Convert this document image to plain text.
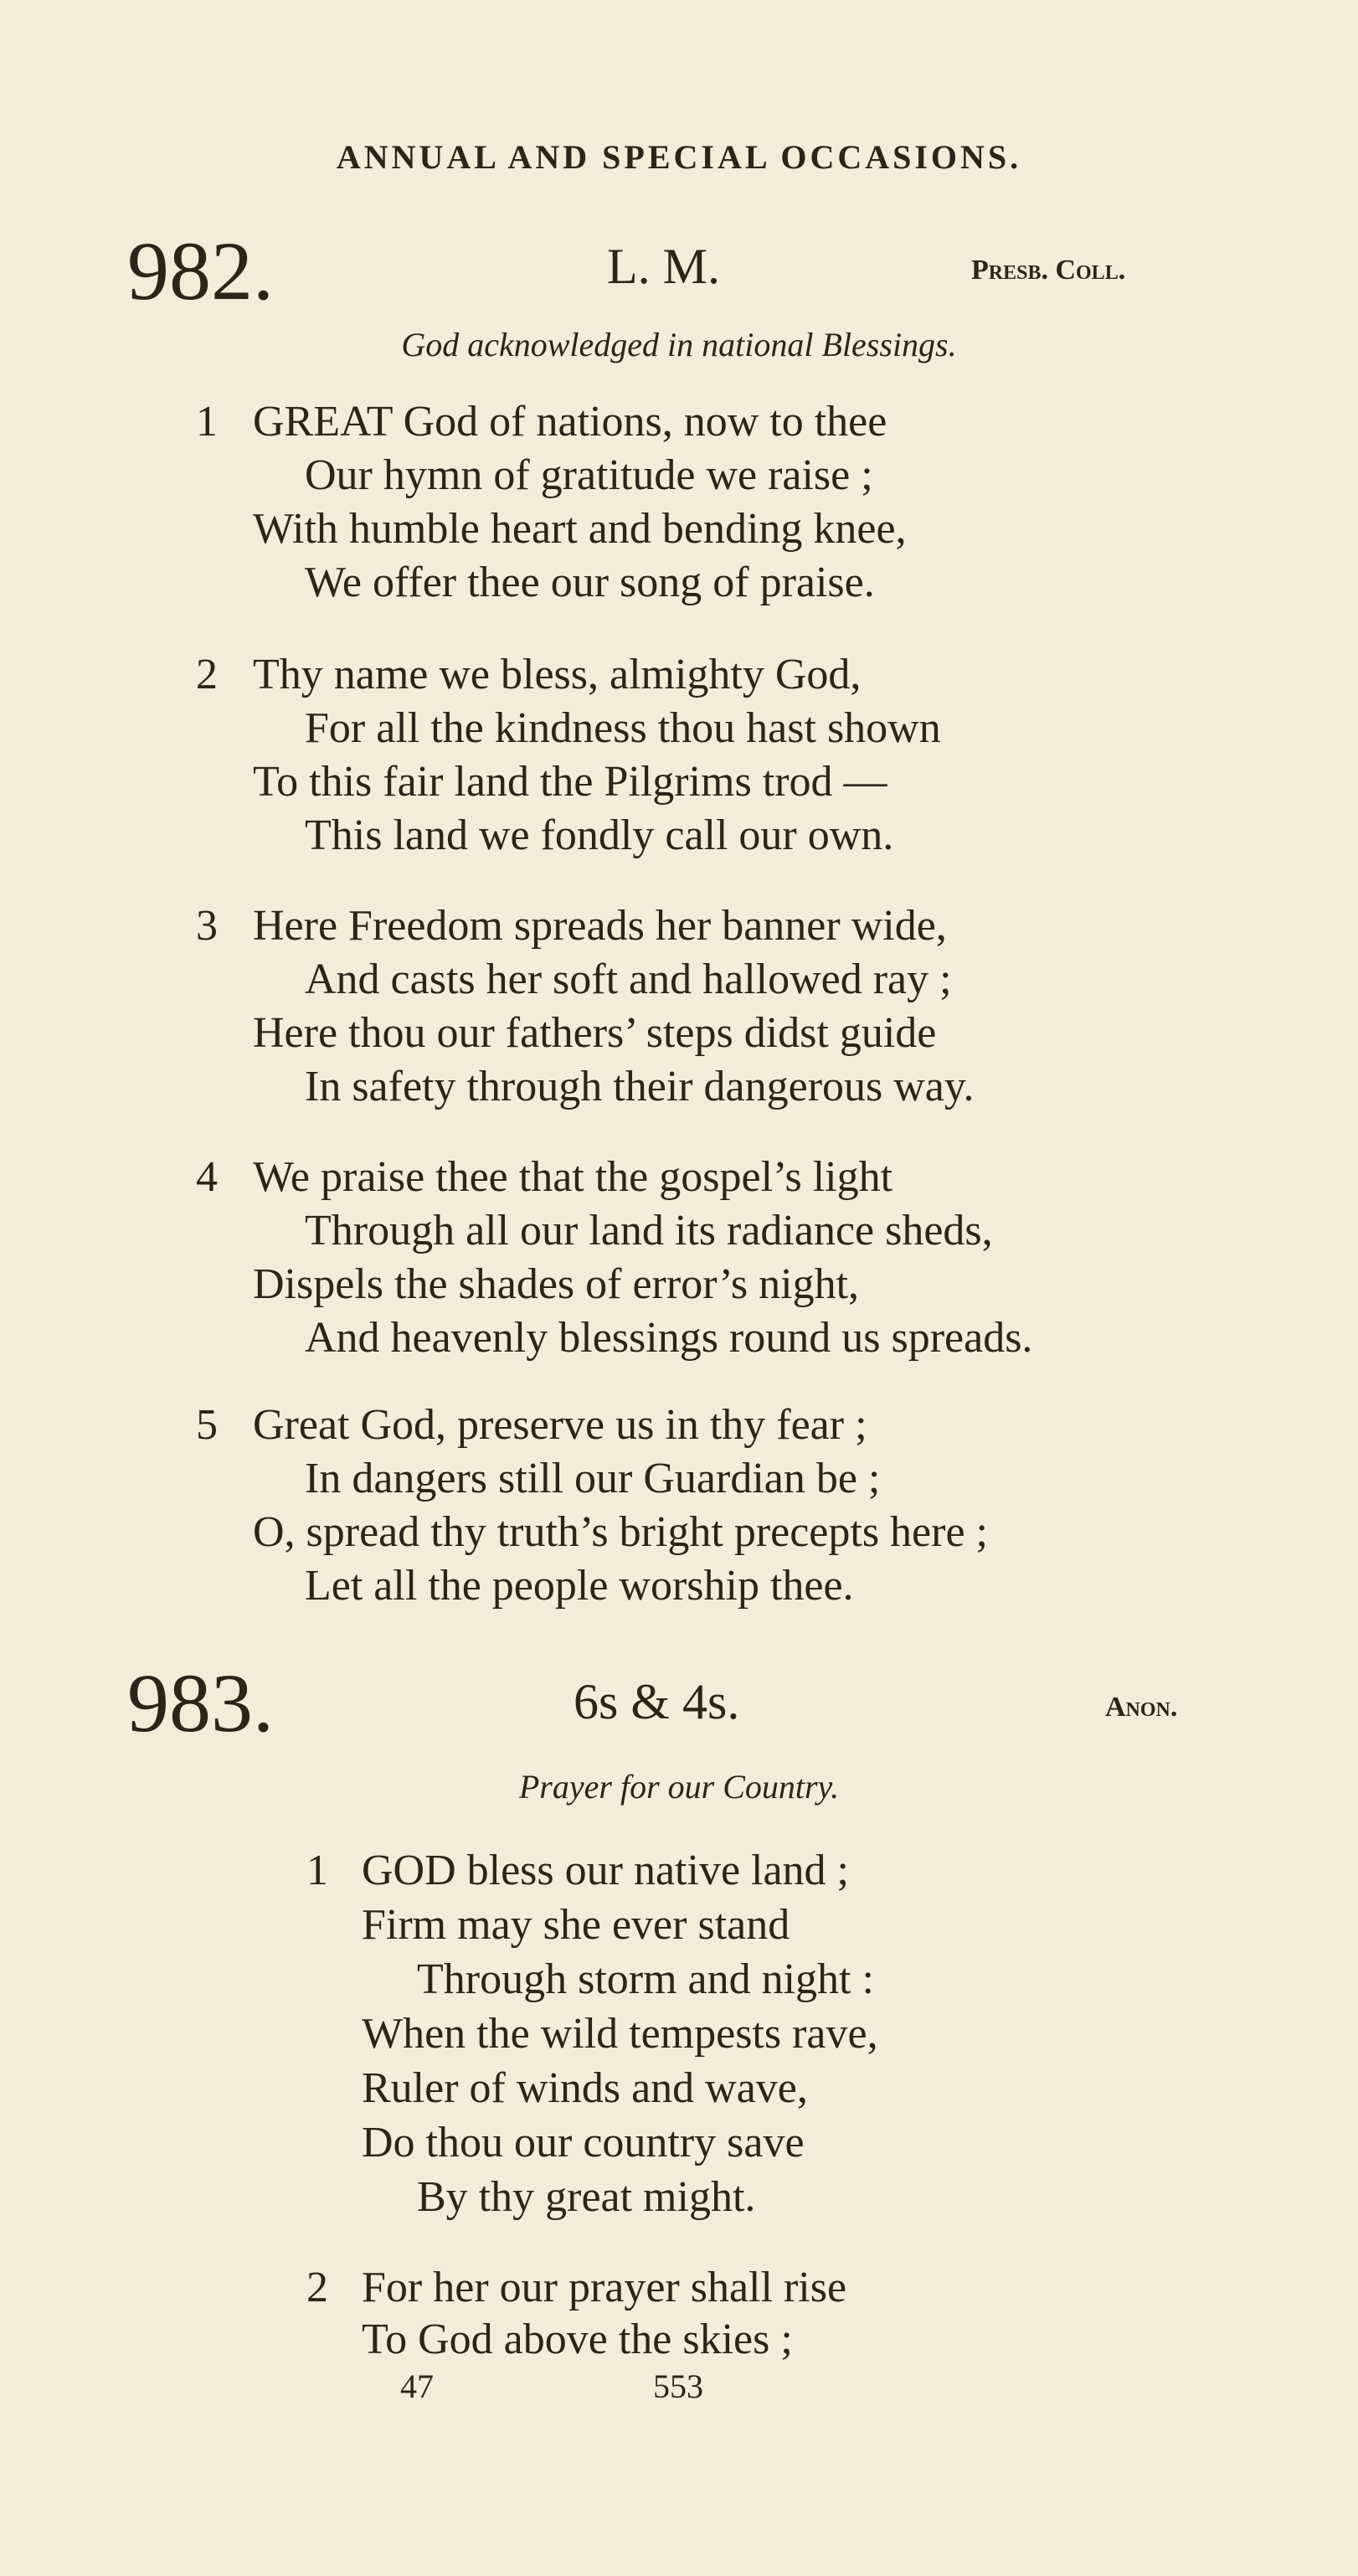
ANNUAL AND SPECIAL OCCASIONS.
982.	L. M.	Presb. Coll.
God acknowledged in national Blessings.
1 GREAT God of nations, now to thee
Our hymn of gratitude we raise ;
With humble heart and bending knee,
We offer thee our song of praise.
2 Thy name we bless, almighty God,
For all the kindness thou hast shown
To this fair land the Pilgrims trod —
This land we fondly call our own.
3 Here Freedom spreads her banner wide,
And casts her soft and hallowed ray ;
Here thou our fathers’ steps didst guide
In safety through their dangerous way.
4 We praise thee that the gospel’s light
Through all our land its radiance sheds,
Dispels the shades of error’s night,
And heavenly blessings round us spreads.
5 Great God, preserve us in thy fear ;
In dangers still our Guardian be ;
O, spread thy truth’s bright precepts here ;
Let all the people worship thee.
983.	6s & 4s.	Anon.
Prayer for our Country.
1 GOD bless our native land ;
Firm may she ever stand
Through storm and night :
When the wild tempests rave,
Ruler of winds and wave,
Do thou our country save
By thy great might.
2 For her our prayer shall rise
To God above the skies ;
47	553
